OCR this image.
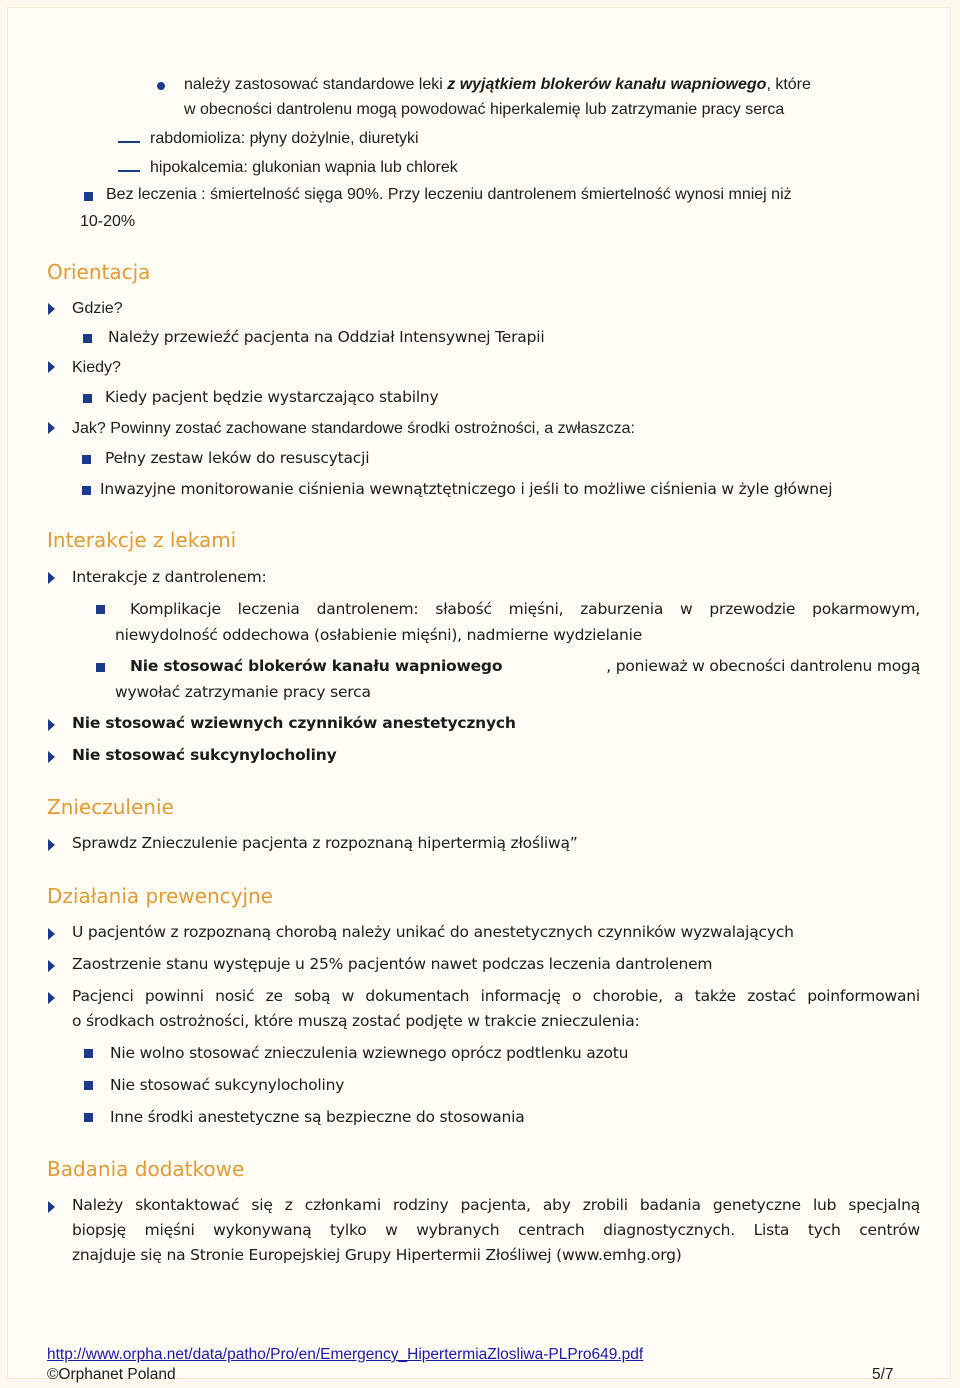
należy zastosować standardowe leki z wyjątkiem blokerów kanału wapniowego, które
w obecności dantrolenu mogą powodować hiperkalemię lub zatrzymanie pracy serca
rabdomioliza: płyny dożylnie, diuretyki
hipokalcemia: glukonian wapnia lub chlorek
Bez leczenia : śmiertelność sięga 90%. Przy leczeniu dantrolenem śmiertelność wynosi mniej niż
10-20%
Orientacja
Gdzie?
Należy przewieźć pacjenta na Oddział Intensywnej Terapii
Kiedy?
Kiedy pacjent będzie wystarczająco stabilny
Jak? Powinny zostać zachowane standardowe środki ostrożności, a zwłaszcza:
Pełny zestaw leków do resuscytacji
Inwazyjne monitorowanie ciśnienia wewnątztętniczego i jeśli to możliwe ciśnienia w żyle głównej
Interakcje z lekami
Interakcje z dantrolenem:
Komplikacje leczenia dantrolenem: słabość mięśni, zaburzenia w przewodzie pokarmowym,
niewydolność oddechowa (osłabienie mięśni), nadmierne wydzielanie
Nie stosować blokerów kanału wapniowego	, ponieważ w obecności dantrolenu mogą
wywołać zatrzymanie pracy serca
Nie stosować wziewnych czynników anestetycznych
Nie stosować sukcynylocholiny
Znieczulenie
Sprawdz Znieczulenie pacjenta z rozpoznaną hipertermią złośliwą”
Działania prewencyjne
U pacjentów z rozpoznaną chorobą należy unikać do anestetycznych czynników wyzwalających
Zaostrzenie stanu występuje u 25% pacjentów nawet podczas leczenia dantrolenem
Pacjenci powinni nosić ze sobą w dokumentach informację o chorobie, a także zostać poinformowani
o środkach ostrożności, które muszą zostać podjęte w trakcie znieczulenia:
Nie wolno stosować znieczulenia wziewnego oprócz podtlenku azotu
Nie stosować sukcynylocholiny
Inne środki anestetyczne są bezpieczne do stosowania
Badania dodatkowe
Należy skontaktować się z członkami rodziny pacjenta, aby zrobili badania genetyczne lub specjalną
biopsję mięśni wykonywaną tylko w wybranych centrach diagnostycznych. Lista tych centrów
znajduje się na Stronie Europejskiej Grupy Hipertermii Złośliwej (www.emhg.org)
http://www.orpha.net/data/patho/Pro/en/Emergency_HipertermiaZlosliwa-PLPro649.pdf
©Orphanet Poland	5/7
